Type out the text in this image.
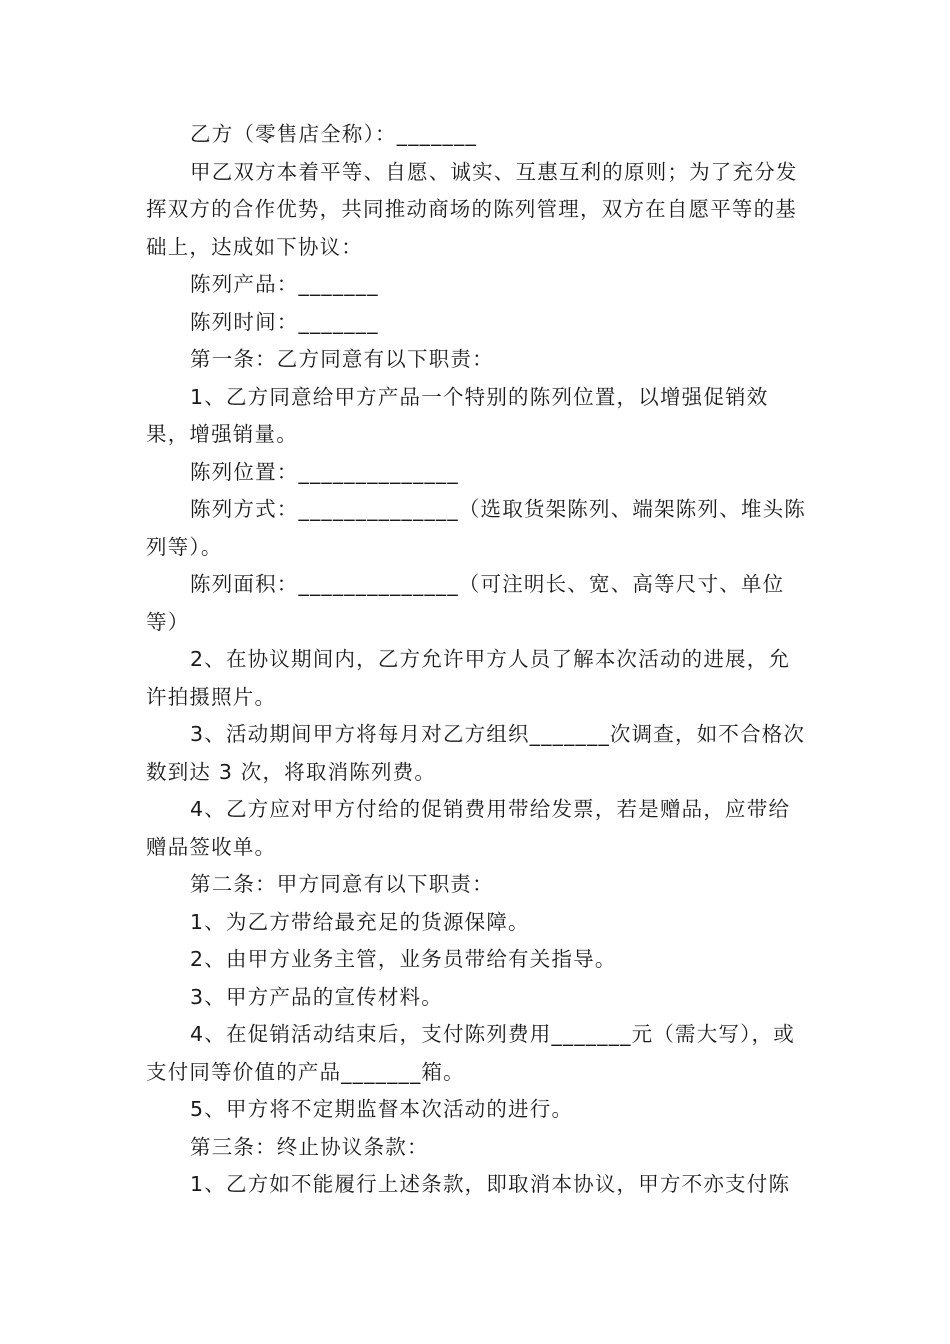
乙方（零售店全称）：_______

甲乙双方本着平等、自愿、诚实、互惠互利的原则；为了充分发挥双方的合作优势，共同推动商场的陈列管理，双方在自愿平等的基础上，达成如下协议：

陈列产品：_______

陈列时间：_______

第一条：乙方同意有以下职责：

1、乙方同意给甲方产品一个特别的陈列位置，以增强促销效果，增强销量。

陈列位置：______________

陈列方式：______________（选取货架陈列、端架陈列、堆头陈列等）。

陈列面积：______________（可注明长、宽、高等尺寸、单位等）

2、在协议期间内，乙方允许甲方人员了解本次活动的进展，允许拍摄照片。

3、活动期间甲方将每月对乙方组织_______次调查，如不合格次数到达 3 次，将取消陈列费。

4、乙方应对甲方付给的促销费用带给发票，若是赠品，应带给赠品签收单。

第二条：甲方同意有以下职责：

1、为乙方带给最充足的货源保障。

2、由甲方业务主管，业务员带给有关指导。

3、甲方产品的宣传材料。

4、在促销活动结束后，支付陈列费用_______元（需大写），或支付同等价值的产品_______箱。

5、甲方将不定期监督本次活动的进行。

第三条：终止协议条款：

1、乙方如不能履行上述条款，即取消本协议，甲方不亦支付陈
